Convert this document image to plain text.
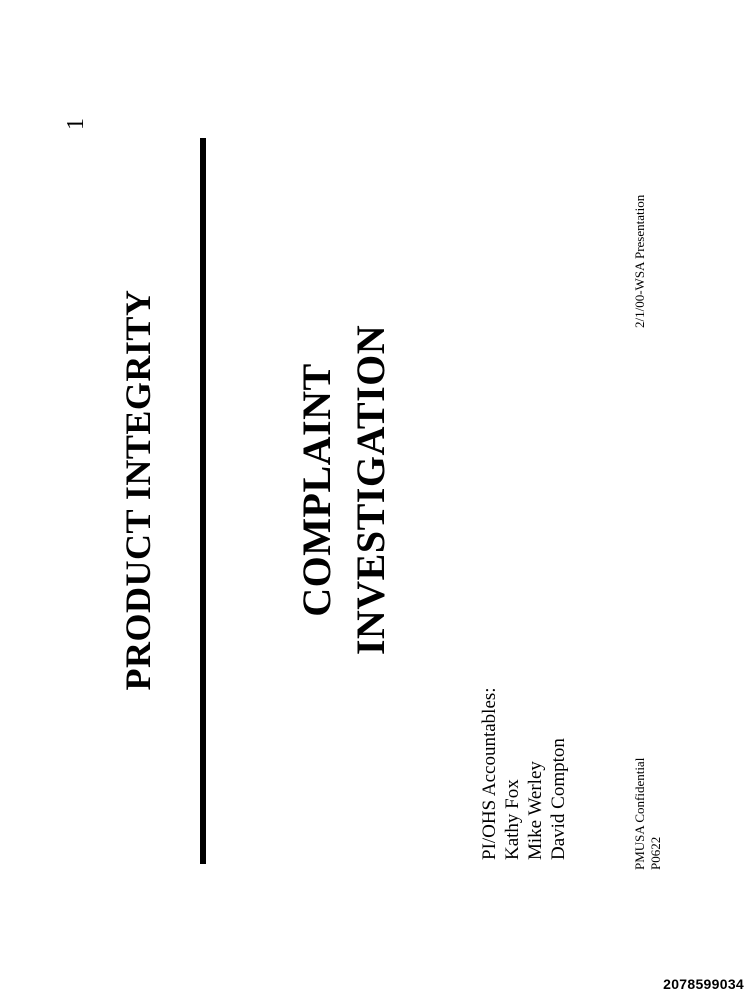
1
PRODUCT INTEGRITY	COMPLAINT INVESTIGATION
PI/OHS Accountables: Kathy Fox Mike Werley David Compton	PMUSA Confidential P0622
2/1/00-WSA Presentation
2078599034
